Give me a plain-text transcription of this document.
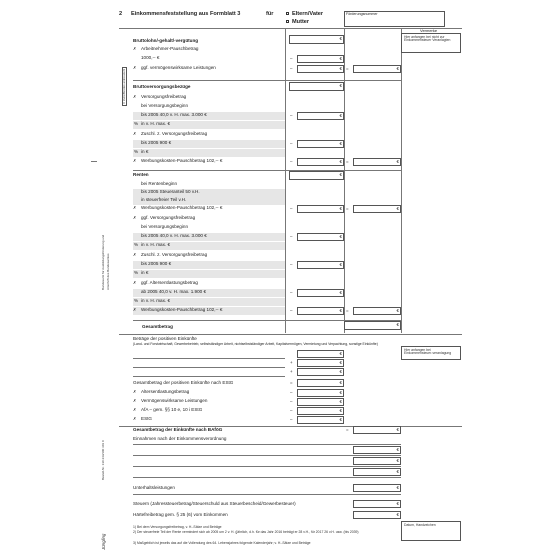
2 Einkommensfeststellung aus Formblatt 3	für	Eltern/Vater
Mutter
Förderungsnummer
Vermerke
Hier anfangen bei nicht zur Einkommensteuer Veranlagten
Bruttolohn/-gehalt/-vergütung	€
✗ Arbeitnehmer-Pauschbetrag
1000,-- €	–	€
✗ ggf. vermögenswirksame Leistungen	–	€ =	€
Bruttoversorgungsbezüge	€
✗ Versorgungsfreibetrag
bei Versorgungsbeginn
bis 2005 40,0 v. H. max. 3.000 €	–	€
% in v. H. max. €
✗ Zuschl. z. Versorgungsfreibetrag
bis 2005 900 €	–	€
% in €
✗ Werbungskosten-Pauschbetrag 102,-- €	–	€ =	€
Renten	€
bei Rentenbeginn
bis 2005 Steueranteil 50 v.H.
in steuerfreier Teil v.H.
✗ Werbungskosten-Pauschbetrag 102,-- €	–	€ =	€
✗ ggf. Versorgungsfreibetrag
bei Versorgungsbeginn
bis 2005 40,0 v. H. max. 3.000 €	–	€
% in v. H. max. €
✗ Zuschl. z. Versorgungsfreibetrag
bis 2005 900 €	–	€
% in €
✗ ggf. Altersentlastungsbetrag
ab 2005 40,0 v. H. max. 1.900 €	–	€
% in v. H. max. €
✗ Werbungskosten-Pauschbetrag 102,-- €	–	€ =	€
Gesamtbetrag	€
Beträge der positiven Einkünfte
(Land- und Forstwirtschaft, Gewerbebetrieb, selbstständiger Arbeit, nichtselbstständiger Arbeit, Kapitalvermögen, Vermietung und Verpachtung, sonstige Einkünfte)
Hier anfangen bei Einkommensteuer-veranlagung
€
+	€
+	€
Gesamtbetrag der positiven Einkünfte nach EStG	=	€
✗ Altersentlastungsbetrag	–	€
✗ Vermögenswirksame Leistungen	–	€
✗ AfA – gem. §§ 10 e, 10 i EStG	–	€
✗ EStG	–	€
Gesamtbetrag der Einkünfte nach BAföG	=	€
Einnahmen nach der Einkommensverordnung
€
€
€
Unterhaltsleistungen	€
Steuern (Jahressteuerbetrag/Steuerschuld aus Steuerbescheid/Gewerbesteuer)	€
Härtefreibetrag gem. § 25 (6) vom Einkommen	€
Datum, Handzeichen
1) Bei dem Versorgungsfreibetrag, v. H.-Sätze und Beträge
2) Der steuerfreie Teil der Rente vermindert sich ab 2005 um 2 v. H. (jährlich, d.h. für das Jahr 2016 beträgt er 28 v.H., für 2017 26 v.H. usw. (bis 2039)
3) Maßgeblich ist jeweils das auf die Vollendung des 64. Lebensjahres folgende Kalenderjahr; v. H.-Sätze und Beträge
X Zutreffendes ankreuzen!
Bundesamt für Ausbildungsförderung und Anschrift des Bundesamtes
Bestell-Nr. 130 243/100 301 0
Jüngling
